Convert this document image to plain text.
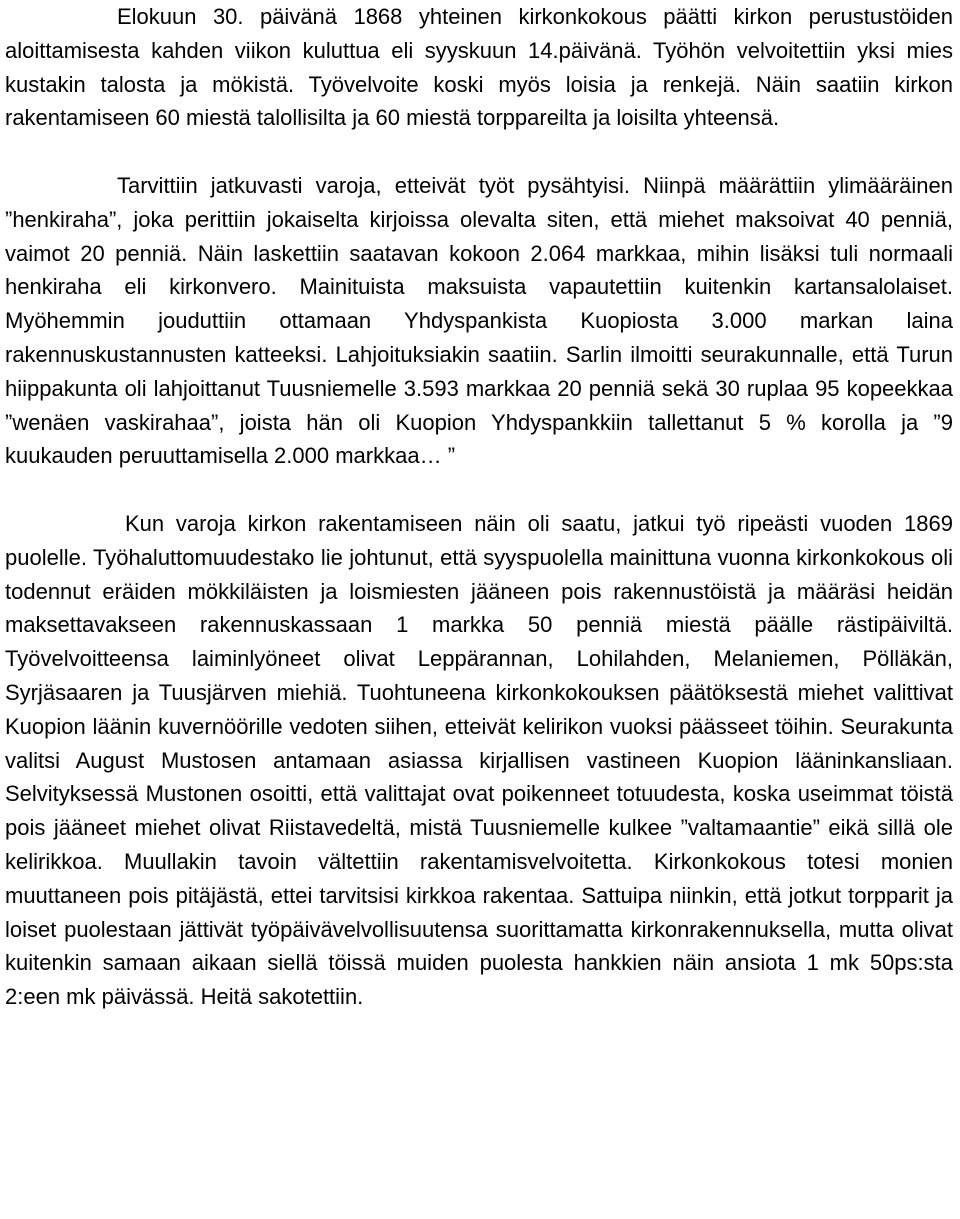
Elokuun 30. päivänä 1868 yhteinen kirkonkokous päätti kirkon perustustöiden aloittamisesta kahden viikon kuluttua eli syyskuun 14.päivänä. Työhön velvoitettiin yksi mies kustakin talosta ja mökistä. Työvelvoite koski myös loisia ja renkejä. Näin saatiin kirkon rakentamiseen 60 miestä talollisilta ja 60 miestä torppareilta ja loisilta yhteensä.

Tarvittiin jatkuvasti varoja, etteivät työt pysähtyisi. Niinpä määrättiin ylimääräinen ”henkiraha”, joka perittiin jokaiselta kirjoissa olevalta siten, että miehet maksoivat 40 penniä, vaimot 20 penniä. Näin laskettiin saatavan kokoon 2.064 markkaa, mihin lisäksi tuli normaali henkiraha eli kirkonvero. Mainituista maksuista vapautettiin kuitenkin kartansalolaiset. Myöhemmin jouduttiin ottamaan Yhdyspankista Kuopiosta 3.000 markan laina rakennuskustannusten katteeksi. Lahjoituksiakin saatiin. Sarlin ilmoitti seurakunnalle, että Turun hiippakunta oli lahjoittanut Tuusniemelle 3.593 markkaa 20 penniä sekä 30 ruplaa 95 kopeekkaa ”wenäen vaskirahaa”, joista hän oli Kuopion Yhdyspankkiin tallettanut 5 % korolla ja ”9 kuukauden peruuttamisella 2.000 markkaa… ”

Kun varoja kirkon rakentamiseen näin oli saatu, jatkui työ ripeästi vuoden 1869 puolelle. Työhaluttomuudestako lie johtunut, että syyspuolella mainittuna vuonna kirkonkokous oli todennut eräiden mökkiläisten ja loismiesten jääneen pois rakennustöistä ja määräsi heidän maksettavakseen rakennuskassaan 1 markka 50 penniä miestä päälle rästipäiviltä. Työvelvoitteensa laiminlyöneet olivat Leppärannan, Lohilahden, Melaniemen, Pölläkän, Syrjäsaaren ja Tuusjärven miehiä. Tuohtuneena kirkonkokouksen päätöksestä miehet valittivat Kuopion läänin kuvernöörille vedoten siihen, etteivät kelirikon vuoksi päässeet töihin. Seurakunta valitsi August Mustosen antamaan asiassa kirjallisen vastineen Kuopion lääninkansliaan. Selvityksessä Mustonen osoitti, että valittajat ovat poikenneet totuudesta, koska useimmat töistä pois jääneet miehet olivat Riistavedeltä, mistä Tuusniemelle kulkee ”valtamaantie” eikä sillä ole kelirikkoa. Muullakin tavoin vältettiin rakentamisvelvoitetta. Kirkonkokous totesi monien muuttaneen pois pitäjästä, ettei tarvitsisi kirkkoa rakentaa. Sattuipa niinkin, että jotkut torpparit ja loiset puolestaan jättivät työpäivävelvollisuutensa suorittamatta kirkonrakennuksella, mutta olivat kuitenkin samaan aikaan siellä töissä muiden puolesta hankkien näin ansiota 1 mk 50ps:sta 2:een mk päivässä. Heitä sakotettiin.
